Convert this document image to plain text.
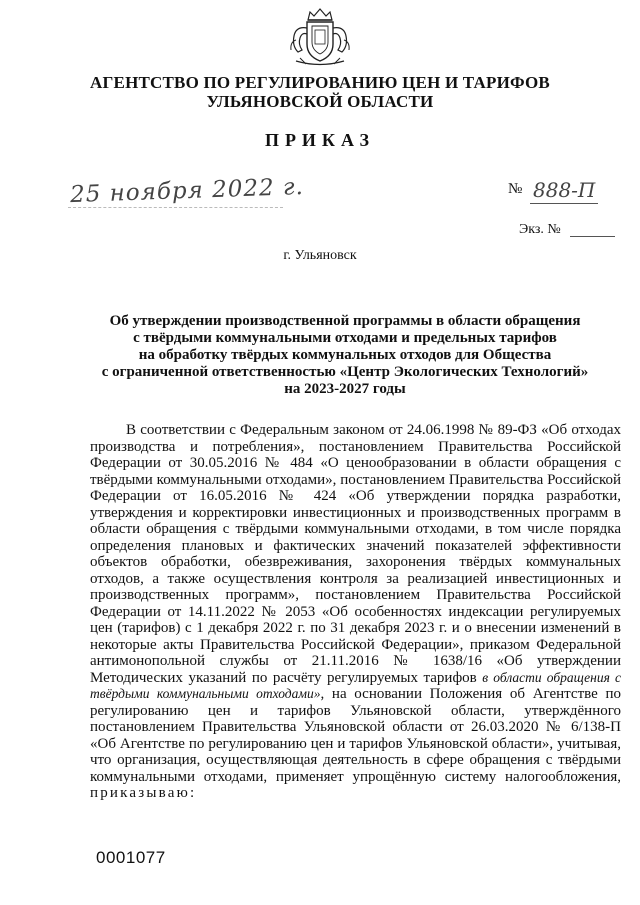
АГЕНТСТВО ПО РЕГУЛИРОВАНИЮ ЦЕН И ТАРИФОВ
УЛЬЯНОВСКОЙ ОБЛАСТИ
ПРИКАЗ
25 ноября 2022 г.	№ 888-П
Экз. №
г. Ульяновск
Об утверждении производственной программы в области обращения
с твёрдыми коммунальными отходами и предельных тарифов
на обработку твёрдых коммунальных отходов для Общества
с ограниченной ответственностью «Центр Экологических Технологий»
на 2023-2027 годы
В соответствии с Федеральным законом от 24.06.1998 № 89-ФЗ «Об отходах производства и потребления», постановлением Правительства Российской Федерации от 30.05.2016 № 484 «О ценообразовании в области обращения с твёрдыми коммунальными отходами», постановлением Правительства Российской Федерации от 16.05.2016 № 424 «Об утверждении порядка разработки, утверждения и корректировки инвестиционных и производственных программ в области обращения с твёрдыми коммунальными отходами, в том числе порядка определения плановых и фактических значений показателей эффективности объектов обработки, обезвреживания, захоронения твёрдых коммунальных отходов, а также осуществления контроля за реализацией инвестиционных и производственных программ», постановлением Правительства Российской Федерации от 14.11.2022 № 2053 «Об особенностях индексации регулируемых цен (тарифов) с 1 декабря 2022 г. по 31 декабря 2023 г. и о внесении изменений в некоторые акты Правительства Российской Федерации», приказом Федеральной антимонопольной службы от 21.11.2016 № 1638/16 «Об утверждении Методических указаний по расчёту регулируемых тарифов в области обращения с твёрдыми коммунальными отходами», на основании Положения об Агентстве по регулированию цен и тарифов Ульяновской области, утверждённого постановлением Правительства Ульяновской области от 26.03.2020 № 6/138-П «Об Агентстве по регулированию цен и тарифов Ульяновской области», учитывая, что организация, осуществляющая деятельность в сфере обращения с твёрдыми коммунальными отходами, применяет упрощённую систему налогообложения, приказываю:
0001077
